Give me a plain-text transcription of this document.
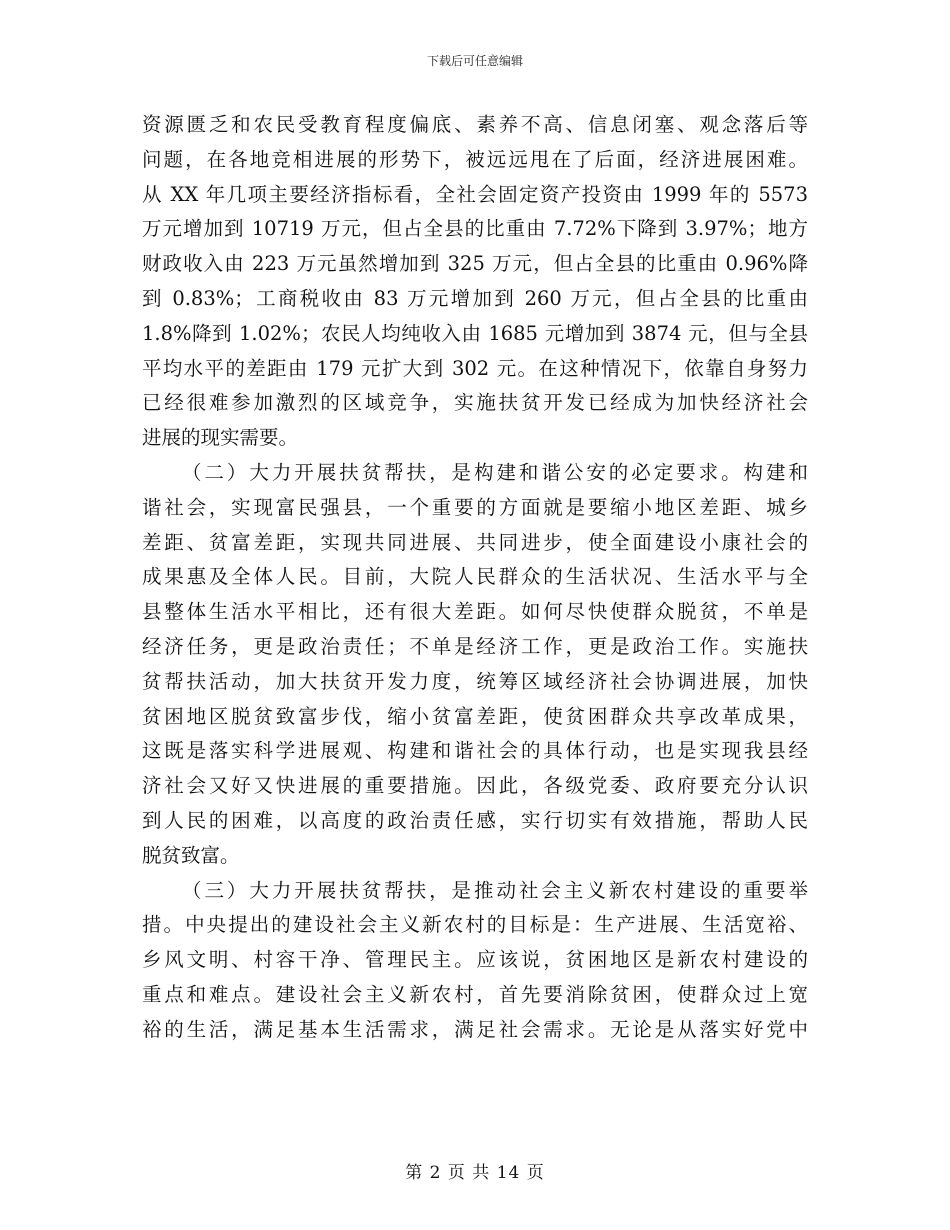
下载后可任意编辑
资源匮乏和农民受教育程度偏底、素养不高、信息闭塞、观念落后等
问题，在各地竞相进展的形势下，被远远甩在了后面，经济进展困难。
从 XX 年几项主要经济指标看，全社会固定资产投资由 1999 年的 5573
万元增加到 10719 万元，但占全县的比重由 7.72%下降到 3.97%；地方
财政收入由 223 万元虽然增加到 325 万元，但占全县的比重由 0.96%降
到 0.83%；工商税收由 83 万元增加到 260 万元，但占全县的比重由
1.8%降到 1.02%；农民人均纯收入由 1685 元增加到 3874 元，但与全县
平均水平的差距由 179 元扩大到 302 元。在这种情况下，依靠自身努力
已经很难参加激烈的区域竞争，实施扶贫开发已经成为加快经济社会
进展的现实需要。
（二）大力开展扶贫帮扶，是构建和谐公安的必定要求。构建和
谐社会，实现富民强县，一个重要的方面就是要缩小地区差距、城乡
差距、贫富差距，实现共同进展、共同进步，使全面建设小康社会的
成果惠及全体人民。目前，大院人民群众的生活状况、生活水平与全
县整体生活水平相比，还有很大差距。如何尽快使群众脱贫，不单是
经济任务，更是政治责任；不单是经济工作，更是政治工作。实施扶
贫帮扶活动，加大扶贫开发力度，统筹区域经济社会协调进展，加快
贫困地区脱贫致富步伐，缩小贫富差距，使贫困群众共享改革成果，
这既是落实科学进展观、构建和谐社会的具体行动，也是实现我县经
济社会又好又快进展的重要措施。因此，各级党委、政府要充分认识
到人民的困难，以高度的政治责任感，实行切实有效措施，帮助人民
脱贫致富。
（三）大力开展扶贫帮扶，是推动社会主义新农村建设的重要举
措。中央提出的建设社会主义新农村的目标是：生产进展、生活宽裕、
乡风文明、村容干净、管理民主。应该说，贫困地区是新农村建设的
重点和难点。建设社会主义新农村，首先要消除贫困，使群众过上宽
裕的生活，满足基本生活需求，满足社会需求。无论是从落实好党中
第 2 页 共 14 页
